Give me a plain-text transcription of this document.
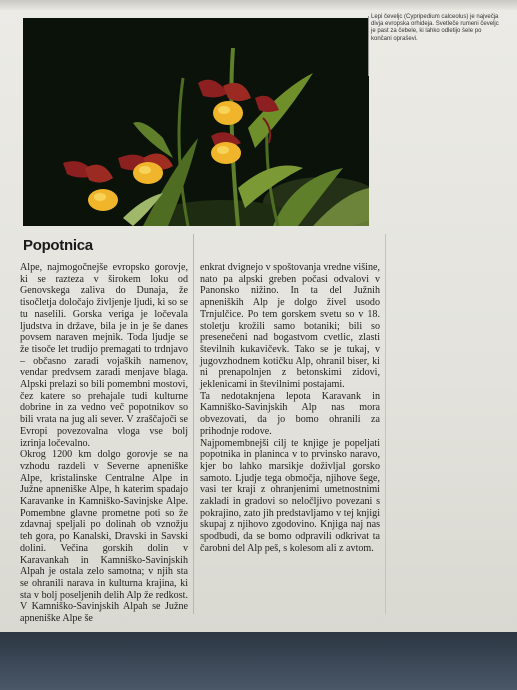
Lepi čeveljc (Cypripedium calceolus) je največja divja evropska orhideja. Svetleče rumeni čeveljc je past za čebele, ki lahko odletijo šele po končani opraševi.
Popotnica

Alpe, najmogočnejše evropsko gorovje, ki se razteza v širokem loku od Genovskega zaliva do Dunaja, že tisočletja določajo življenje ljudi, ki so se tu naselili. Gorska veriga je ločevala ljudstva in države, bila je in je še danes povsem naraven mejnik. Toda ljudje se že tisoče let trudijo premagati to trdnjavo – občasno zaradi vojaških namenov, vendar predvsem zaradi menjave blaga. Alpski prelazi so bili pomembni mostovi, čez katere so prehajale tudi kulturne dobrine in za vedno več popotnikov so bili vrata na jug ali sever. V zraščajoči se Evropi povezovalna vloga vse bolj izrinja ločevalno.

Okrog 1200 km dolgo gorovje se na vzhodu razdeli v Severne apneniške Alpe, kristalinske Centralne Alpe in Južne apneniške Alpe, h katerim spadajo Karavanke in Kamniško-Savinjske Alpe. Pomembne glavne prometne poti so že zdavnaj speljali po dolinah ob vznožju teh gora, po Kanalski, Dravski in Savski dolini. Večina gorskih dolin v Karavankah in Kamniško-Savinjskih Alpah je ostala zelo samotna; v njih sta se ohranili narava in kulturna krajina, ki sta v bolj poseljenih delih Alp že redkost. V Kamniško-Savinjskih Alpah se Južne apneniške Alpe še

enkrat dvignejo v spoštovanja vredne višine, nato pa alpski greben počasi odvalovi v Panonsko nižino. In ta del Južnih apneniških Alp je dolgo živel usodo Trnjulčice. Po tem gorskem svetu so v 18. stoletju krožili samo botaniki; bili so presenečeni nad bogastvom cvetlic, zlasti številnih kukavičevk. Tako se je tukaj, v jugovzhodnem kotičku Alp, ohranil biser, ki ni prenapolnjen z betonskimi zidovi, jeklenicami in številnimi postajami.

Ta nedotaknjena lepota Karavank in Kamniško-Savinjskih Alp nas mora obvezovati, da jo bomo ohranili za prihodnje rodove.

Najpomembnejši cilj te knjige je popeljati popotnika in planinca v to prvinsko naravo, kjer bo lahko marsikje doživljal gorsko samoto. Ljudje tega območja, njihove šege, vasi ter kraji z ohranjenimi umetnostnimi zakladi in gradovi so neločljivo povezani s pokrajino, zato jih predstavljamo v tej knjigi skupaj z njihovo zgodovino. Knjiga naj nas spodbudi, da se bomo odpravili odkrivat ta čarobni del Alp peš, s kolesom ali z avtom.
